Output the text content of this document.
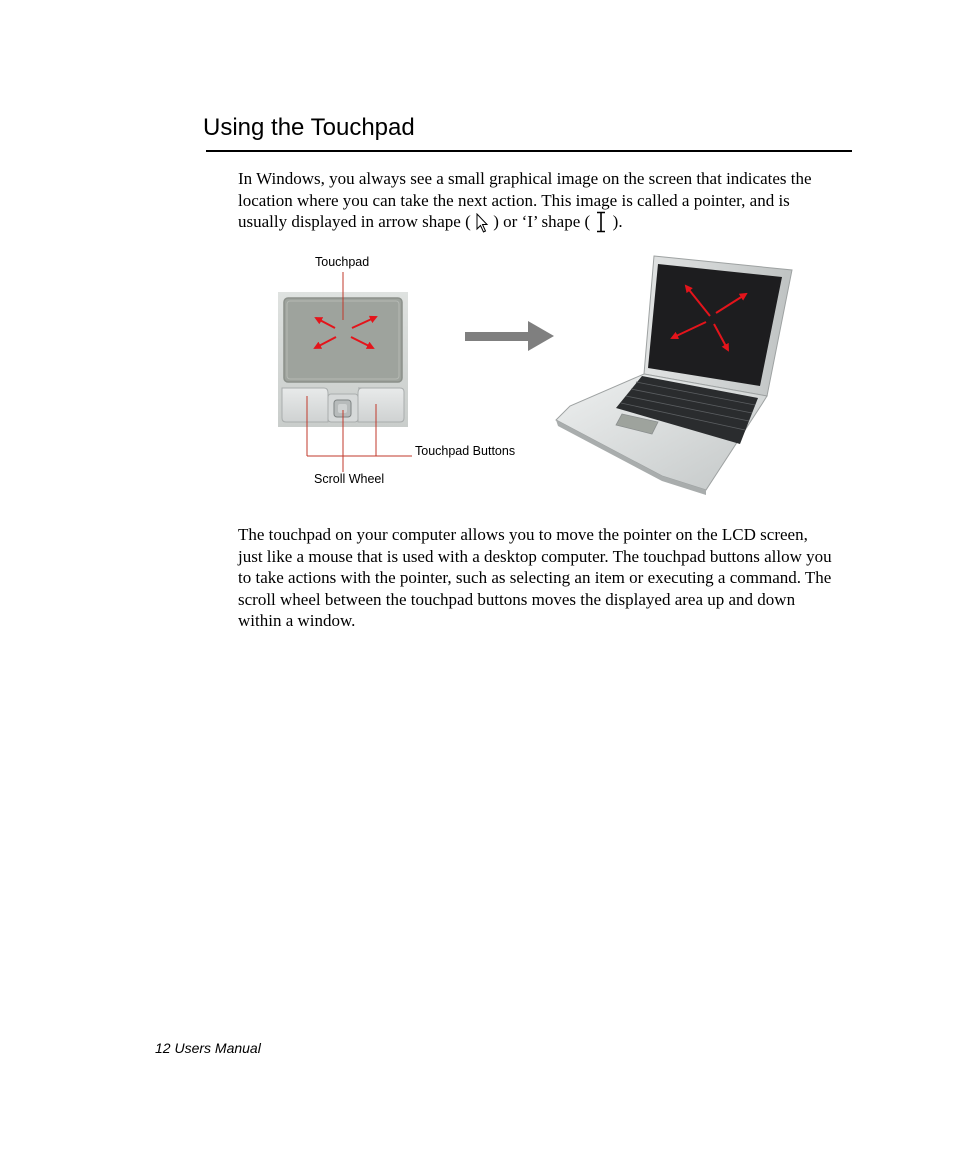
Using the Touchpad

In Windows, you always see a small graphical image on the screen that indicates the
location where you can take the next action. This image is called a pointer, and is
usually displayed in arrow shape ( ) or ‘I’ shape ( ).

Touchpad
Touchpad Buttons
Scroll Wheel

The touchpad on your computer allows you to move the pointer on the LCD screen,
just like a mouse that is used with a desktop computer. The touchpad buttons allow you
to take actions with the pointer, such as selecting an item or executing a command. The
scroll wheel between the touchpad buttons moves the displayed area up and down
within a window.

12 Users Manual
